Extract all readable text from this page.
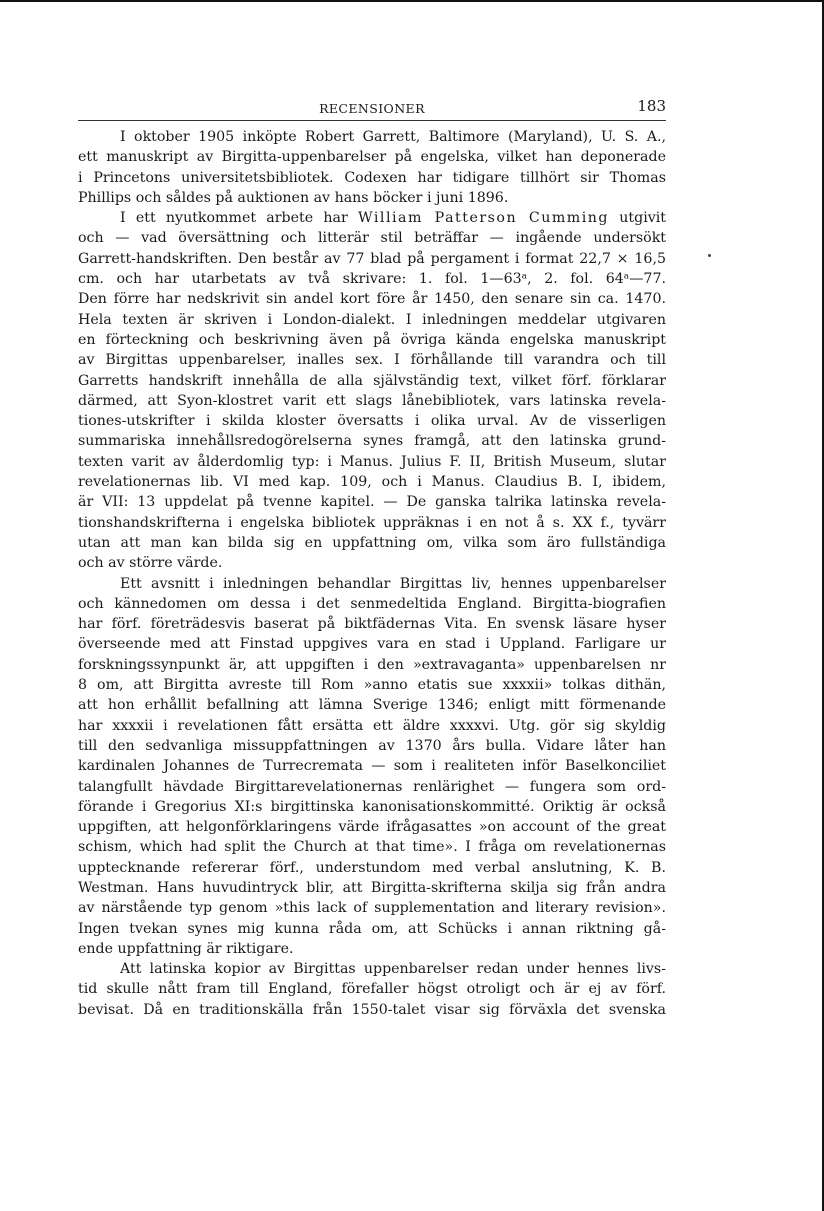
RECENSIONER	183
I oktober 1905 inköpte Robert Garrett, Baltimore (Maryland), U. S. A.,
ett manuskript av Birgitta-uppenbarelser på engelska, vilket han deponerade
i Princetons universitetsbibliotek. Codexen har tidigare tillhört sir Thomas
Phillips och såldes på auktionen av hans böcker i juni 1896.
I ett nyutkommet arbete har William Patterson Cumming utgivit
och — vad översättning och litterär stil beträffar — ingående undersökt
Garrett-handskriften. Den består av 77 blad på pergament i format 22,7 × 16,5
cm. och har utarbetats av två skrivare: 1. fol. 1—63ᵃ, 2. fol. 64ᵃ—77.
Den förre har nedskrivit sin andel kort före år 1450, den senare sin ca. 1470.
Hela texten är skriven i London-dialekt. I inledningen meddelar utgivaren
en förteckning och beskrivning även på övriga kända engelska manuskript
av Birgittas uppenbarelser, inalles sex. I förhållande till varandra och till
Garretts handskrift innehålla de alla självständig text, vilket förf. förklarar
därmed, att Syon-klostret varit ett slags lånebibliotek, vars latinska revela-
tiones-utskrifter i skilda kloster översatts i olika urval. Av de visserligen
summariska innehållsredogörelserna synes framgå, att den latinska grund-
texten varit av ålderdomlig typ: i Manus. Julius F. II, British Museum, slutar
revelationernas lib. VI med kap. 109, och i Manus. Claudius B. I, ibidem,
är VII: 13 uppdelat på tvenne kapitel. — De ganska talrika latinska revela-
tionshandskrifterna i engelska bibliotek uppräknas i en not å s. XX f., tyvärr
utan att man kan bilda sig en uppfattning om, vilka som äro fullständiga
och av större värde.
Ett avsnitt i inledningen behandlar Birgittas liv, hennes uppenbarelser
och kännedomen om dessa i det senmedeltida England. Birgitta-biografien
har förf. företrädesvis baserat på biktfädernas Vita. En svensk läsare hyser
överseende med att Finstad uppgives vara en stad i Uppland. Farligare ur
forskningssynpunkt är, att uppgiften i den »extravaganta» uppenbarelsen nr
8 om, att Birgitta avreste till Rom »anno etatis sue xxxxii» tolkas dithän,
att hon erhållit befallning att lämna Sverige 1346; enligt mitt förmenande
har xxxxii i revelationen fått ersätta ett äldre xxxxvi. Utg. gör sig skyldig
till den sedvanliga missuppfattningen av 1370 års bulla. Vidare låter han
kardinalen Johannes de Turrecremata — som i realiteten inför Baselkonciliet
talangfullt hävdade Birgittarevelationernas renlärighet — fungera som ord-
förande i Gregorius XI:s birgittinska kanonisationskommitté. Oriktig är också
uppgiften, att helgonförklaringens värde ifrågasattes »on account of the great
schism, which had split the Church at that time». I fråga om revelationernas
upptecknande refererar förf., understundom med verbal anslutning, K. B.
Westman. Hans huvudintryck blir, att Birgitta-skrifterna skilja sig från andra
av närstående typ genom »this lack of supplementation and literary revision».
Ingen tvekan synes mig kunna råda om, att Schücks i annan riktning gå-
ende uppfattning är riktigare.
Att latinska kopior av Birgittas uppenbarelser redan under hennes livs-
tid skulle nått fram till England, förefaller högst otroligt och är ej av förf.
bevisat. Då en traditionskälla från 1550-talet visar sig förväxla det svenska
